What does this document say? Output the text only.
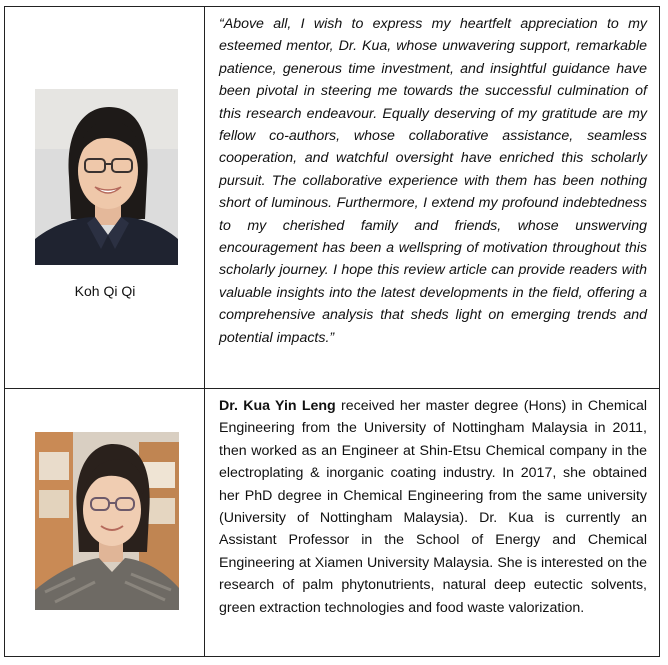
Koh Qi Qi

“Above all, I wish to express my heartfelt appreciation to my esteemed mentor, Dr. Kua, whose unwavering support, remarkable patience, generous time investment, and insightful guidance have been pivotal in steering me towards the successful culmination of this research endeavour. Equally deserving of my gratitude are my fellow co-authors, whose collaborative assistance, seamless cooperation, and watchful oversight have enriched this scholarly pursuit. The collaborative experience with them has been nothing short of luminous. Furthermore, I extend my profound indebtedness to my cherished family and friends, whose unswerving encouragement has been a wellspring of motivation throughout this scholarly journey. I hope this review article can provide readers with valuable insights into the latest developments in the field, offering a comprehensive analysis that sheds light on emerging trends and potential impacts.”

Dr. Kua Yin Leng received her master degree (Hons) in Chemical Engineering from the University of Nottingham Malaysia in 2011, then worked as an Engineer at Shin-Etsu Chemical company in the electroplating & inorganic coating industry. In 2017, she obtained her PhD degree in Chemical Engineering from the same university (University of Nottingham Malaysia). Dr. Kua is currently an Assistant Professor in the School of Energy and Chemical Engineering at Xiamen University Malaysia. She is interested on the research of palm phytonutrients, natural deep eutectic solvents, green extraction technologies and food waste valorization.
